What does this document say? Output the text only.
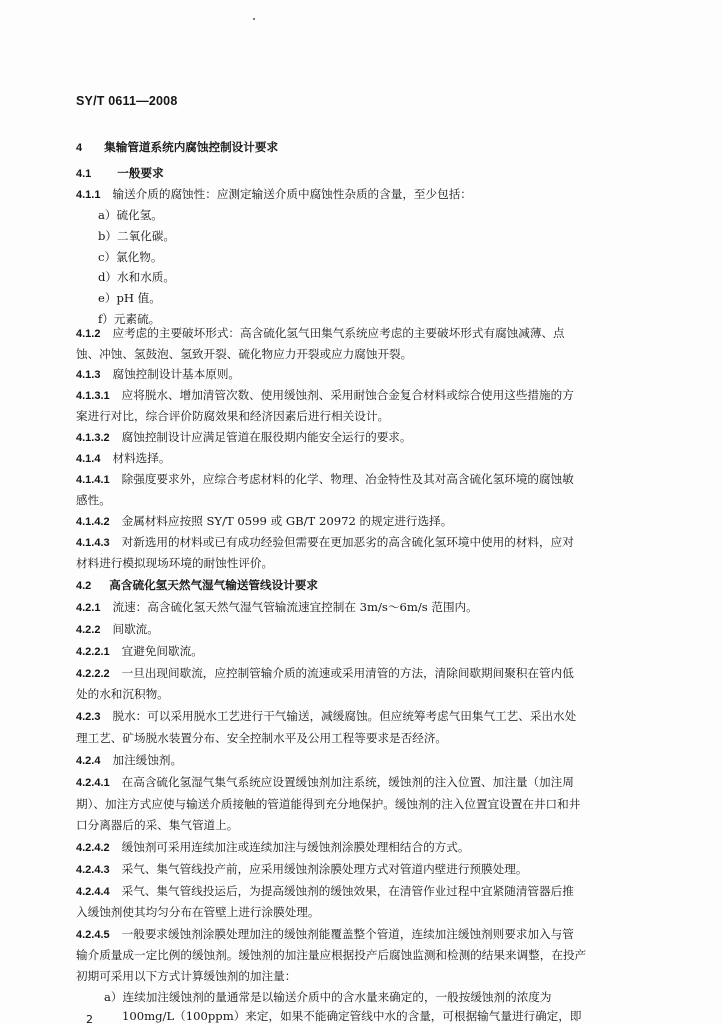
SY/T 0611—2008
4 集输管道系统内腐蚀控制设计要求
4.1 一般要求
4.1.1 输送介质的腐蚀性：应测定输送介质中腐蚀性杂质的含量，至少包括：
a）硫化氢。
b）二氧化碳。
c）氯化物。
d）水和水质。
e）pH 值。
f）元素硫。
4.1.2 应考虑的主要破坏形式：高含硫化氢气田集气系统应考虑的主要破坏形式有腐蚀减薄、点
蚀、冲蚀、氢鼓泡、氢致开裂、硫化物应力开裂或应力腐蚀开裂。
4.1.3 腐蚀控制设计基本原则。
4.1.3.1 应将脱水、增加清管次数、使用缓蚀剂、采用耐蚀合金复合材料或综合使用这些措施的方
案进行对比，综合评价防腐效果和经济因素后进行相关设计。
4.1.3.2 腐蚀控制设计应满足管道在服役期内能安全运行的要求。
4.1.4 材料选择。
4.1.4.1 除强度要求外，应综合考虑材料的化学、物理、冶金特性及其对高含硫化氢环境的腐蚀敏
感性。
4.1.4.2 金属材料应按照 SY/T 0599 或 GB/T 20972 的规定进行选择。
4.1.4.3 对新选用的材料或已有成功经验但需要在更加恶劣的高含硫化氢环境中使用的材料，应对
材料进行模拟现场环境的耐蚀性评价。
4.2 高含硫化氢天然气湿气输送管线设计要求
4.2.1 流速：高含硫化氢天然气湿气管输流速宜控制在 3m/s～6m/s 范围内。
4.2.2 间歇流。
4.2.2.1 宜避免间歇流。
4.2.2.2 一旦出现间歇流，应控制管输介质的流速或采用清管的方法，清除间歇期间聚积在管内低
处的水和沉积物。
4.2.3 脱水：可以采用脱水工艺进行干气输送，减缓腐蚀。但应统筹考虑气田集气工艺、采出水处
理工艺、矿场脱水装置分布、安全控制水平及公用工程等要求是否经济。
4.2.4 加注缓蚀剂。
4.2.4.1 在高含硫化氢湿气集气系统应设置缓蚀剂加注系统，缓蚀剂的注入位置、加注量（加注周
期）、加注方式应使与输送介质接触的管道能得到充分地保护。缓蚀剂的注入位置宜设置在井口和井
口分离器后的采、集气管道上。
4.2.4.2 缓蚀剂可采用连续加注或连续加注与缓蚀剂涂膜处理相结合的方式。
4.2.4.3 采气、集气管线投产前，应采用缓蚀剂涂膜处理方式对管道内壁进行预膜处理。
4.2.4.4 采气、集气管线投运后，为提高缓蚀剂的缓蚀效果，在清管作业过程中宜紧随清管器后推
入缓蚀剂使其均匀分布在管壁上进行涂膜处理。
4.2.4.5 一般要求缓蚀剂涂膜处理加注的缓蚀剂能覆盖整个管道，连续加注缓蚀剂则要求加入与管
输介质量成一定比例的缓蚀剂。缓蚀剂的加注量应根据投产后腐蚀监测和检测的结果来调整，在投产
初期可采用以下方式计算缓蚀剂的加注量：
a）连续加注缓蚀剂的量通常是以输送介质中的含水量来确定的，一般按缓蚀剂的浓度为
100mg/L（100ppm）来定，如果不能确定管线中水的含量，可根据输气量进行确定，即
2
